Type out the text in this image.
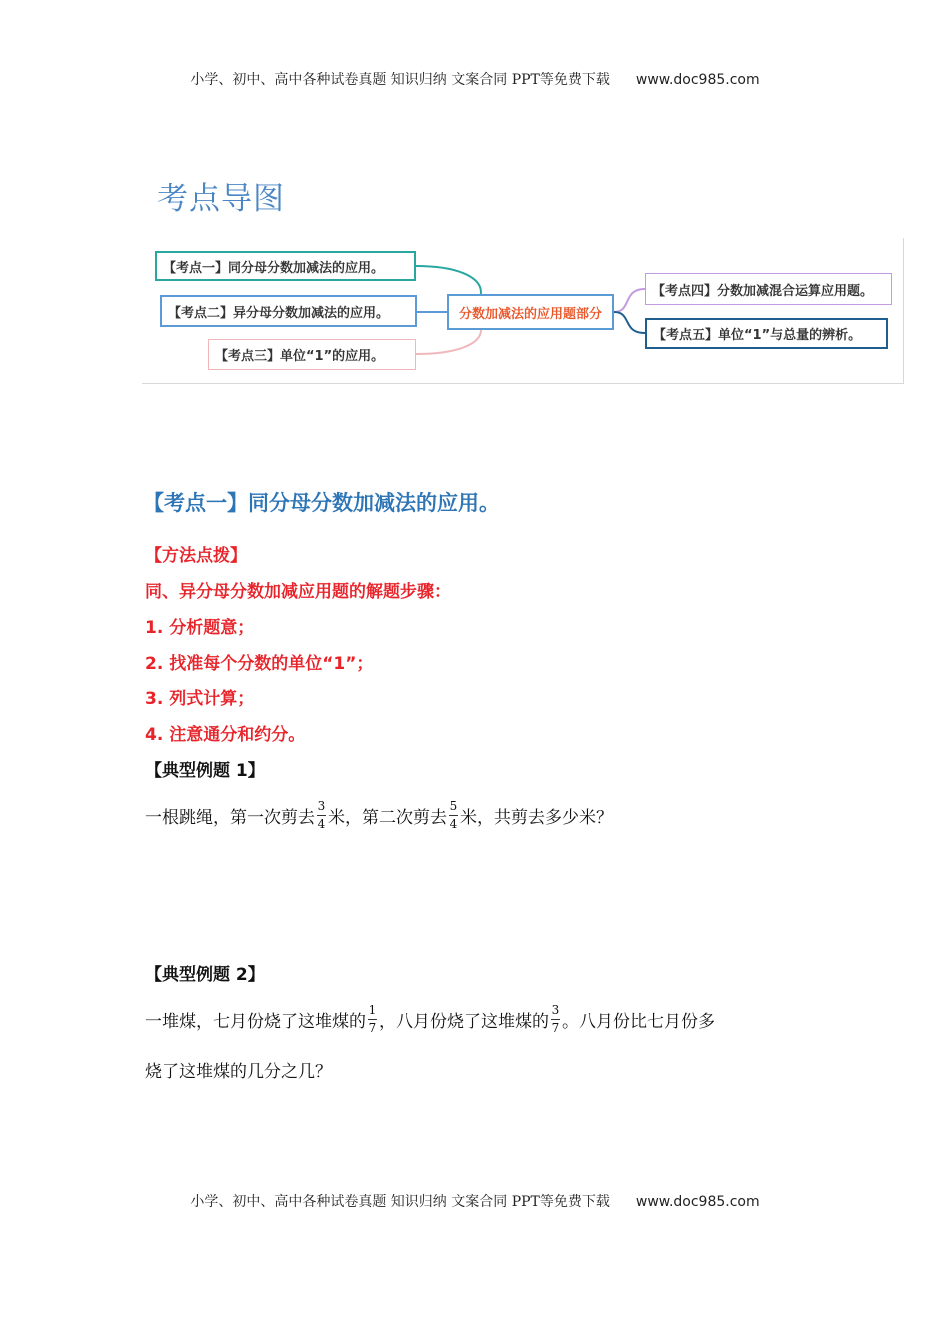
小学、初中、高中各种试卷真题 知识归纳 文案合同 PPT等免费下载 www.doc985.com
考点导图
【考点一】同分母分数加减法的应用。
【考点二】异分母分数加减法的应用。
【考点三】单位“1”的应用。
分数加减法的应用题部分
【考点四】分数加减混合运算应用题。
【考点五】单位“1”与总量的辨析。
【考点一】同分母分数加减法的应用。
【方法点拨】
同、异分母分数加减应用题的解题步骤：
1. 分析题意；
2. 找准每个分数的单位“1”；
3. 列式计算；
4. 注意通分和约分。
【典型例题 1】
一根跳绳，第一次剪去 $\frac{3}{4}$ 米，第二次剪去 $\frac{5}{4}$ 米，共剪去多少米？
【典型例题 2】
一堆煤，七月份烧了这堆煤的 $\frac{1}{7}$ ，八月份烧了这堆煤的 $\frac{3}{7}$ 。八月份比七月份多
烧了这堆煤的几分之几？
小学、初中、高中各种试卷真题 知识归纳 文案合同 PPT等免费下载 www.doc985.com
